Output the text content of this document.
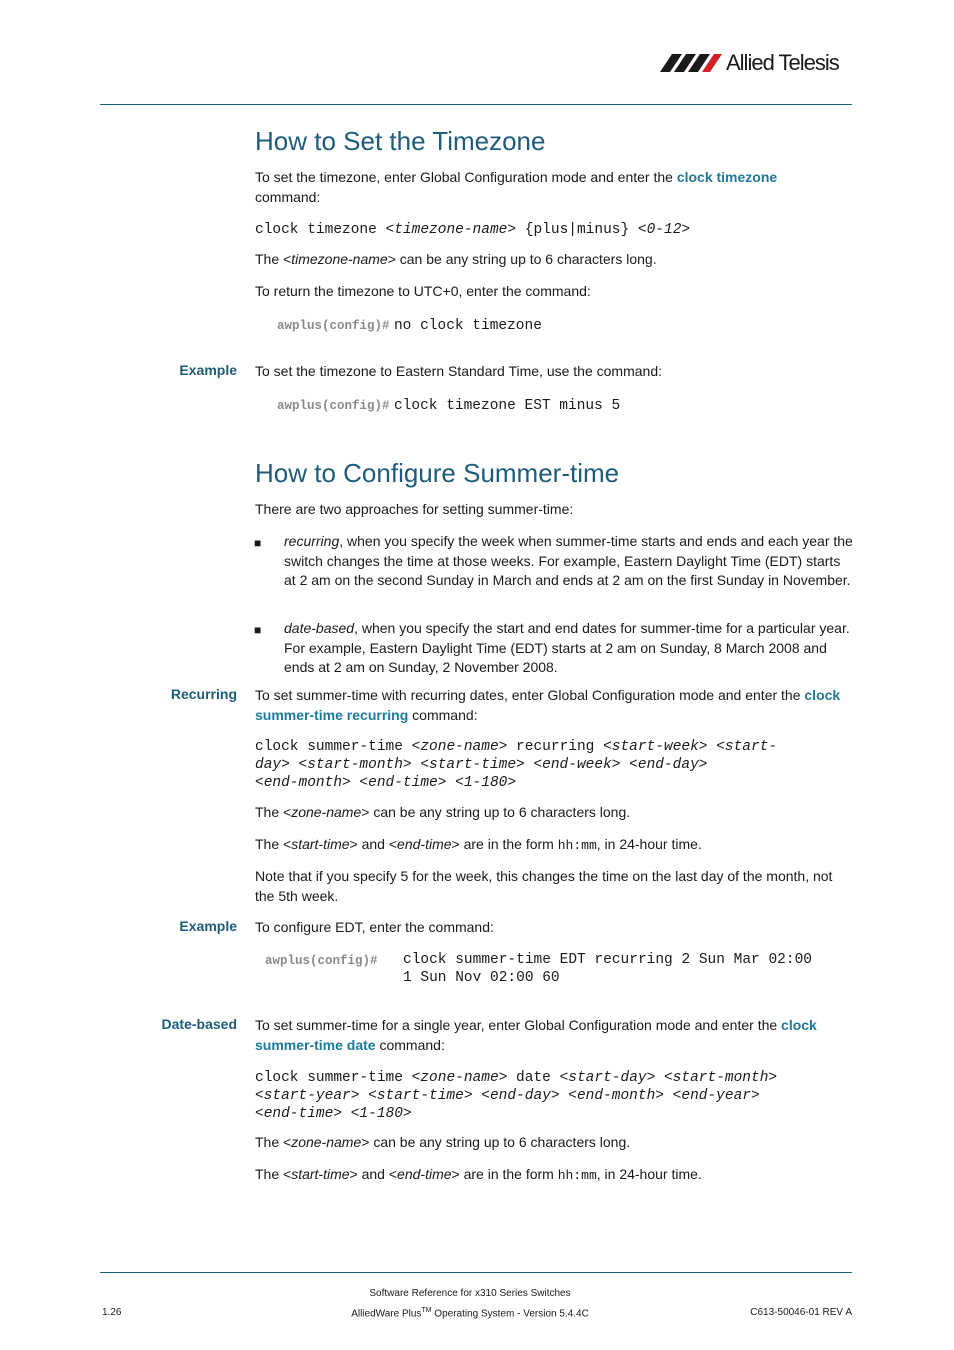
Allied Telesis
How to Set the Timezone
To set the timezone, enter Global Configuration mode and enter the clock timezone
command:
clock timezone <timezone-name> {plus|minus} <0-12>
The <timezone-name> can be any string up to 6 characters long.
To return the timezone to UTC+0, enter the command:
awplus(config)# no clock timezone
Example To set the timezone to Eastern Standard Time, use the command:
awplus(config)# clock timezone EST minus 5
How to Configure Summer-time
There are two approaches for setting summer-time:
■ recurring, when you specify the week when summer-time starts and ends and each year the switch changes the time at those weeks. For example, Eastern Daylight Time (EDT) starts at 2 am on the second Sunday in March and ends at 2 am on the first Sunday in November.
■ date-based, when you specify the start and end dates for summer-time for a particular year. For example, Eastern Daylight Time (EDT) starts at 2 am on Sunday, 8 March 2008 and ends at 2 am on Sunday, 2 November 2008.
Recurring To set summer-time with recurring dates, enter Global Configuration mode and enter the clock summer-time recurring command:
clock summer-time <zone-name> recurring <start-week> <start-
day> <start-month> <start-time> <end-week> <end-day>
<end-month> <end-time> <1-180>
The <zone-name> can be any string up to 6 characters long.
The <start-time> and <end-time> are in the form hh:mm, in 24-hour time.
Note that if you specify 5 for the week, this changes the time on the last day of the month, not the 5th week.
Example To configure EDT, enter the command:
awplus(config)# clock summer-time EDT recurring 2 Sun Mar 02:00
1 Sun Nov 02:00 60
Date-based To set summer-time for a single year, enter Global Configuration mode and enter the clock
summer-time date command:
clock summer-time <zone-name> date <start-day> <start-month>
<start-year> <start-time> <end-day> <end-month> <end-year>
<end-time> <1-180>
The <zone-name> can be any string up to 6 characters long.
The <start-time> and <end-time> are in the form hh:mm, in 24-hour time.
Software Reference for x310 Series Switches
AlliedWare Plus™ Operating System - Version 5.4.4C
1.26	C613-50046-01 REV A
